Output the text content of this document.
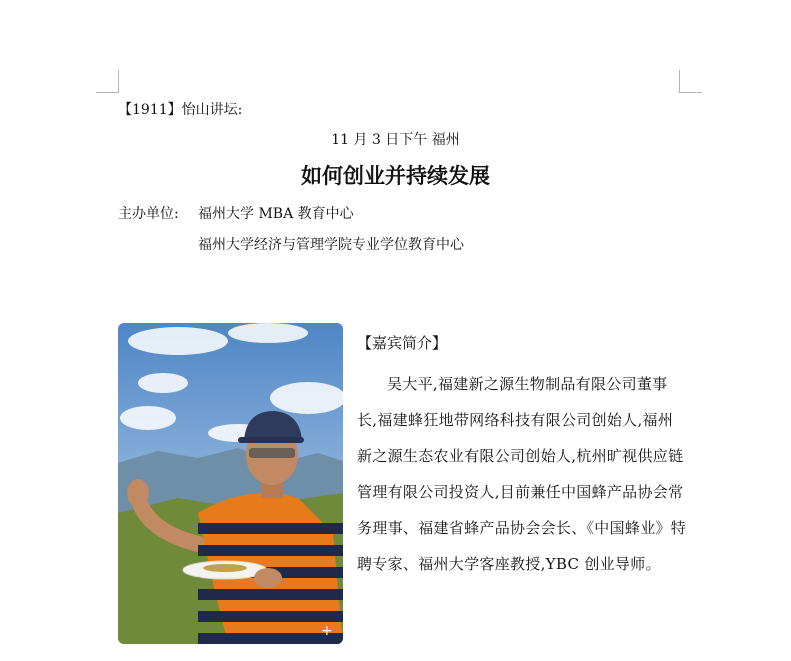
【1911】怡山讲坛:
11 月 3 日下午 福州
如何创业并持续发展
主办单位: 福州大学 MBA 教育中心
福州大学经济与管理学院专业学位教育中心
+
【嘉宾简介】
吴大平,福建新之源生物制品有限公司董事长,福建蜂狂地带网络科技有限公司创始人,福州新之源生态农业有限公司创始人,杭州旷视供应链管理有限公司投资人,目前兼任中国蜂产品协会常务理事、福建省蜂产品协会会长、《中国蜂业》特聘专家、福州大学客座教授,YBC 创业导师。
